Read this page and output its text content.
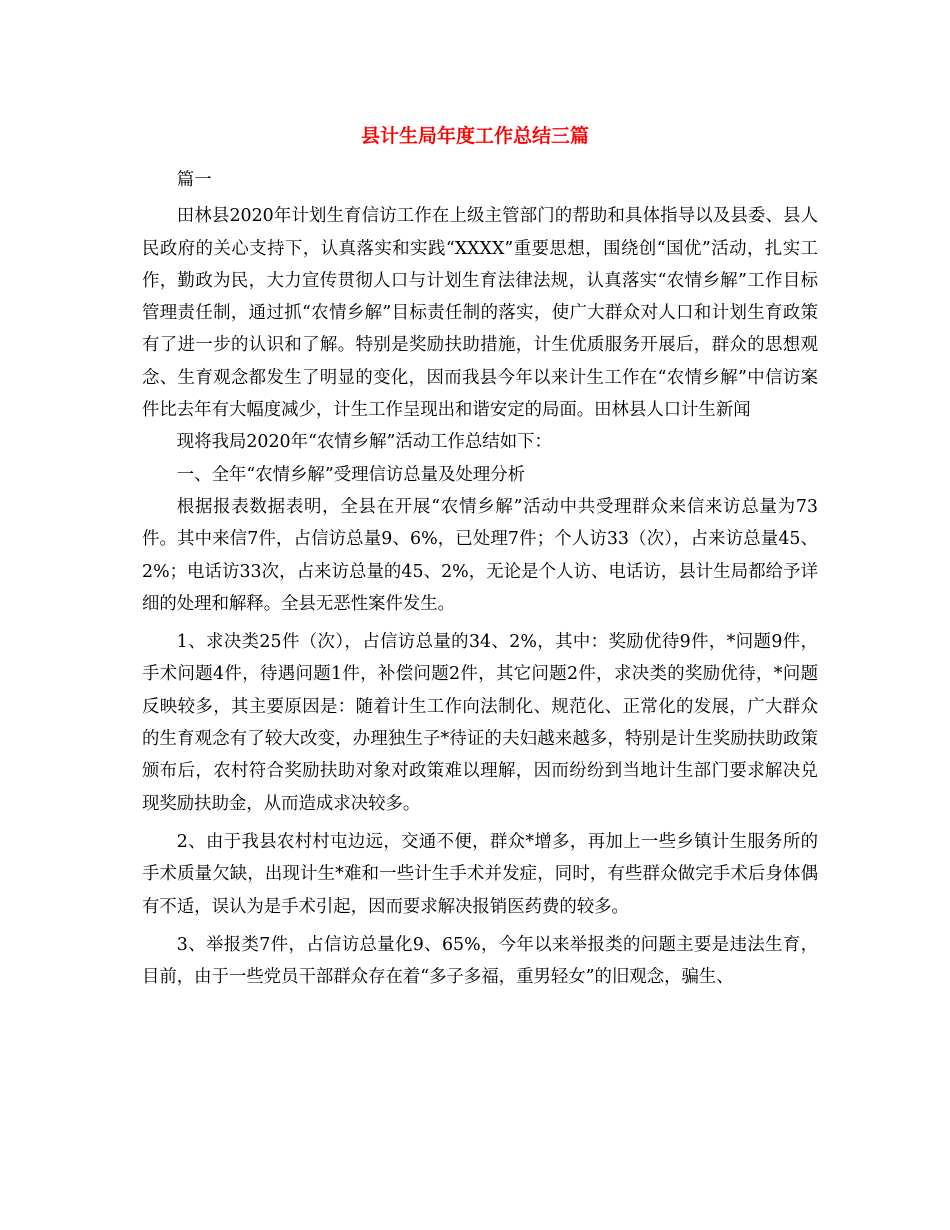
县计生局年度工作总结三篇

篇一

田林县2020年计划生育信访工作在上级主管部门的帮助和具体指导以及县委、县人民政府的关心支持下，认真落实和实践“XXXX”重要思想，围绕创“国优”活动，扎实工作，勤政为民，大力宣传贯彻人口与计划生育法律法规，认真落实“农情乡解”工作目标管理责任制，通过抓“农情乡解”目标责任制的落实，使广大群众对人口和计划生育政策有了进一步的认识和了解。特别是奖励扶助措施，计生优质服务开展后，群众的思想观念、生育观念都发生了明显的变化，因而我县今年以来计生工作在“农情乡解”中信访案件比去年有大幅度减少，计生工作呈现出和谐安定的局面。田林县人口计生新闻

现将我局2020年“农情乡解”活动工作总结如下：

一、全年“农情乡解”受理信访总量及处理分析

根据报表数据表明，全县在开展“农情乡解”活动中共受理群众来信来访总量为73件。其中来信7件，占信访总量9、6%，已处理7件；个人访33（次），占来访总量45、2%；电话访33次，占来访总量的45、2%，无论是个人访、电话访，县计生局都给予详细的处理和解释。全县无恶性案件发生。

1、求决类25件（次），占信访总量的34、2%，其中：奖励优待9件，*问题9件，手术问题4件，待遇问题1件，补偿问题2件，其它问题2件，求决类的奖励优待，*问题反映较多，其主要原因是：随着计生工作向法制化、规范化、正常化的发展，广大群众的生育观念有了较大改变，办理独生子*待证的夫妇越来越多，特别是计生奖励扶助政策颁布后，农村符合奖励扶助对象对政策难以理解，因而纷纷到当地计生部门要求解决兑现奖励扶助金，从而造成求决较多。

2、由于我县农村村屯边远，交通不便，群众*增多，再加上一些乡镇计生服务所的手术质量欠缺，出现计生*难和一些计生手术并发症，同时，有些群众做完手术后身体偶有不适，误认为是手术引起，因而要求解决报销医药费的较多。

3、举报类7件，占信访总量化9、65%，今年以来举报类的问题主要是违法生育，目前，由于一些党员干部群众存在着“多子多福，重男轻女”的旧观念，骗生、
